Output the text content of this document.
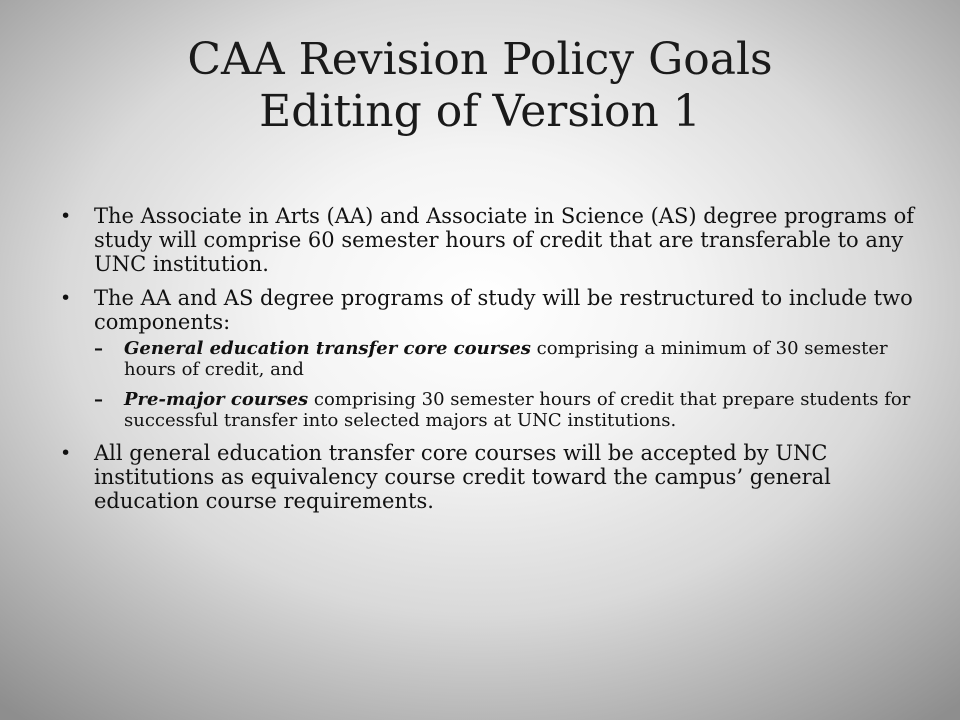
CAA Revision Policy Goals
Editing of Version 1
• The Associate in Arts (AA) and Associate in Science (AS) degree programs of study will comprise 60 semester hours of credit that are transferable to any UNC institution.
• The AA and AS degree programs of study will be restructured to include two components:
– General education transfer core courses comprising a minimum of 30 semester hours of credit, and
– Pre-major courses comprising 30 semester hours of credit that prepare students for successful transfer into selected majors at UNC institutions.
• All general education transfer core courses will be accepted by UNC institutions as equivalency course credit toward the campus’ general education course requirements.
